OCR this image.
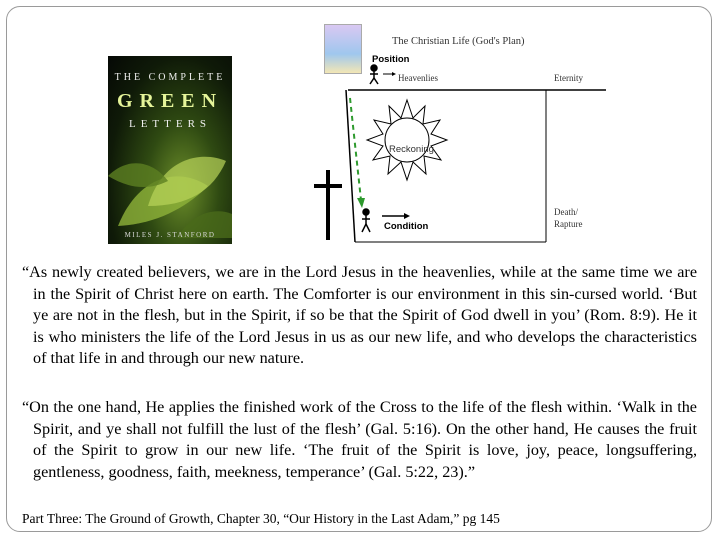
THE COMPLETE
GREEN
LETTERS
MILES J. STANFORD
The Christian Life (God's Plan)
Position
Heavenlies	Eternity
Reckoning
Condition
Death/ Rapture

“As newly created believers, we are in the Lord Jesus in the heavenlies, while at the same time we are in the Spirit of Christ here on earth. The Comforter is our environment in this sin-cursed world. ‘But ye are not in the flesh, but in the Spirit, if so be that the Spirit of God dwell in you’ (Rom. 8:9). He it is who ministers the life of the Lord Jesus in us as our new life, and who develops the characteristics of that life in and through our new nature.

“On the one hand, He applies the finished work of the Cross to the life of the flesh within. ‘Walk in the Spirit, and ye shall not fulfill the lust of the flesh’ (Gal. 5:16). On the other hand, He causes the fruit of the Spirit to grow in our new life. ‘The fruit of the Spirit is love, joy, peace, longsuffering, gentleness, goodness, faith, meekness, temperance’ (Gal. 5:22, 23).”

Part Three: The Ground of Growth, Chapter 30, “Our History in the Last Adam,” pg 145
